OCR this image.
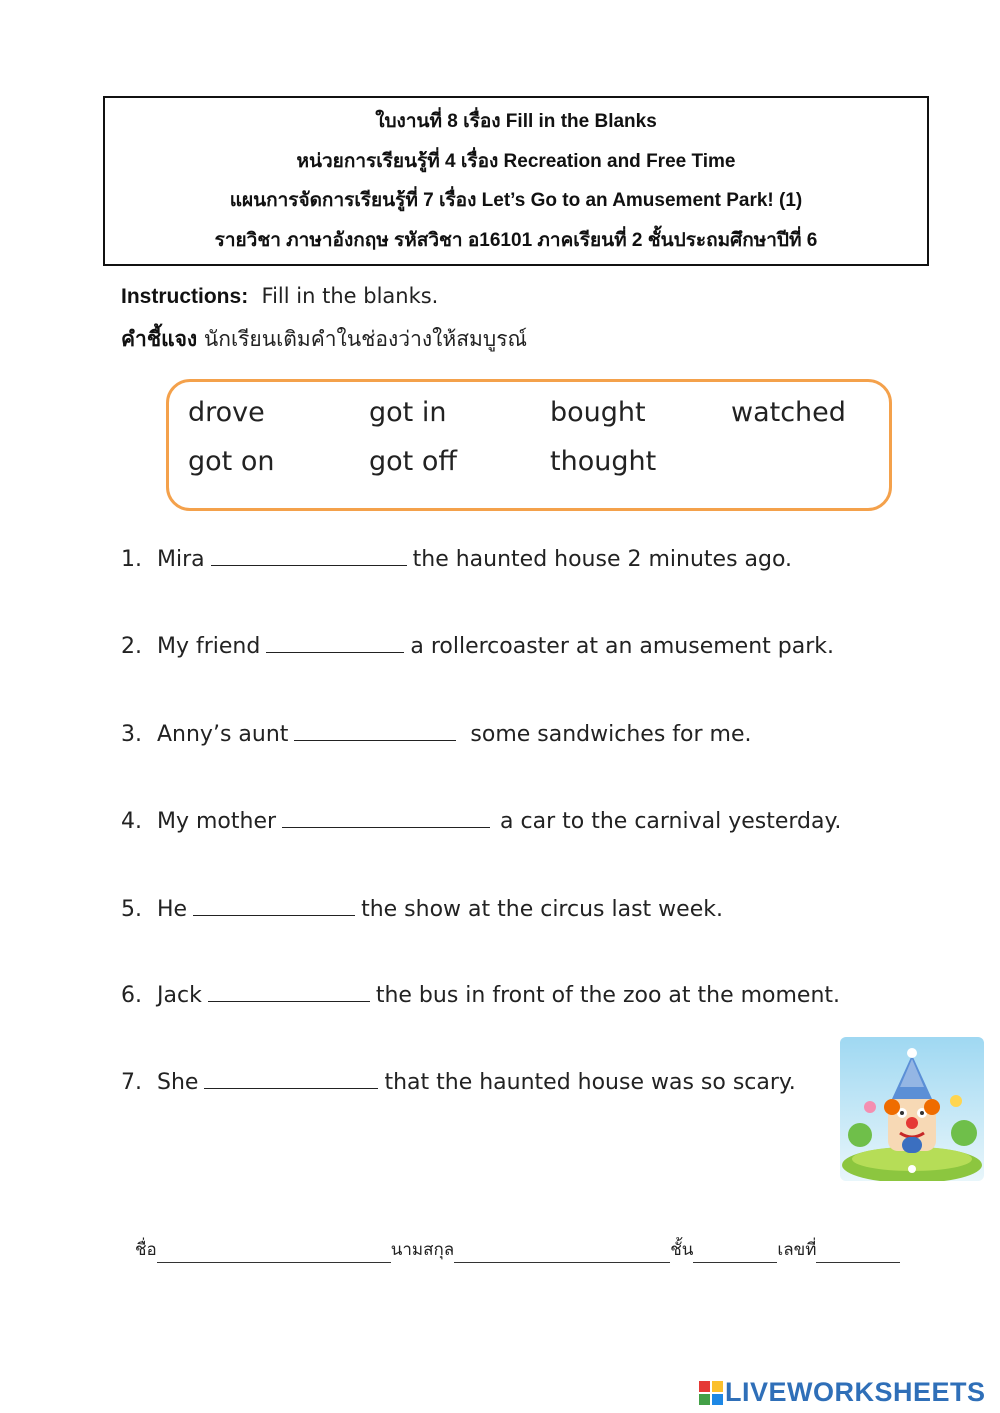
ใบงานที่ 8 เรื่อง Fill in the Blanks
หน่วยการเรียนรู้ที่ 4 เรื่อง Recreation and Free Time
แผนการจัดการเรียนรู้ที่ 7 เรื่อง Let’s Go to an Amusement Park! (1)
รายวิชา ภาษาอังกฤษ รหัสวิชา อ16101 ภาคเรียนที่ 2 ชั้นประถมศึกษาปีที่ 6
Instructions: Fill in the blanks.
คำชี้แจง นักเรียนเติมคำในช่องว่างให้สมบูรณ์
drove	got in	bought	watched
got on	got off	thought
1. Mira	the haunted house 2 minutes ago.
2. My friend	a rollercoaster at an amusement park.
3. Anny’s aunt	some sandwiches for me.
4. My mother	a car to the carnival yesterday.
5. He	the show at the circus last week.
6. Jack	the bus in front of the zoo at the moment.
7. She	that the haunted house was so scary.
ชื่อ	นามสกุล	ชั้น	เลขที่
LIVEWORKSHEETS
